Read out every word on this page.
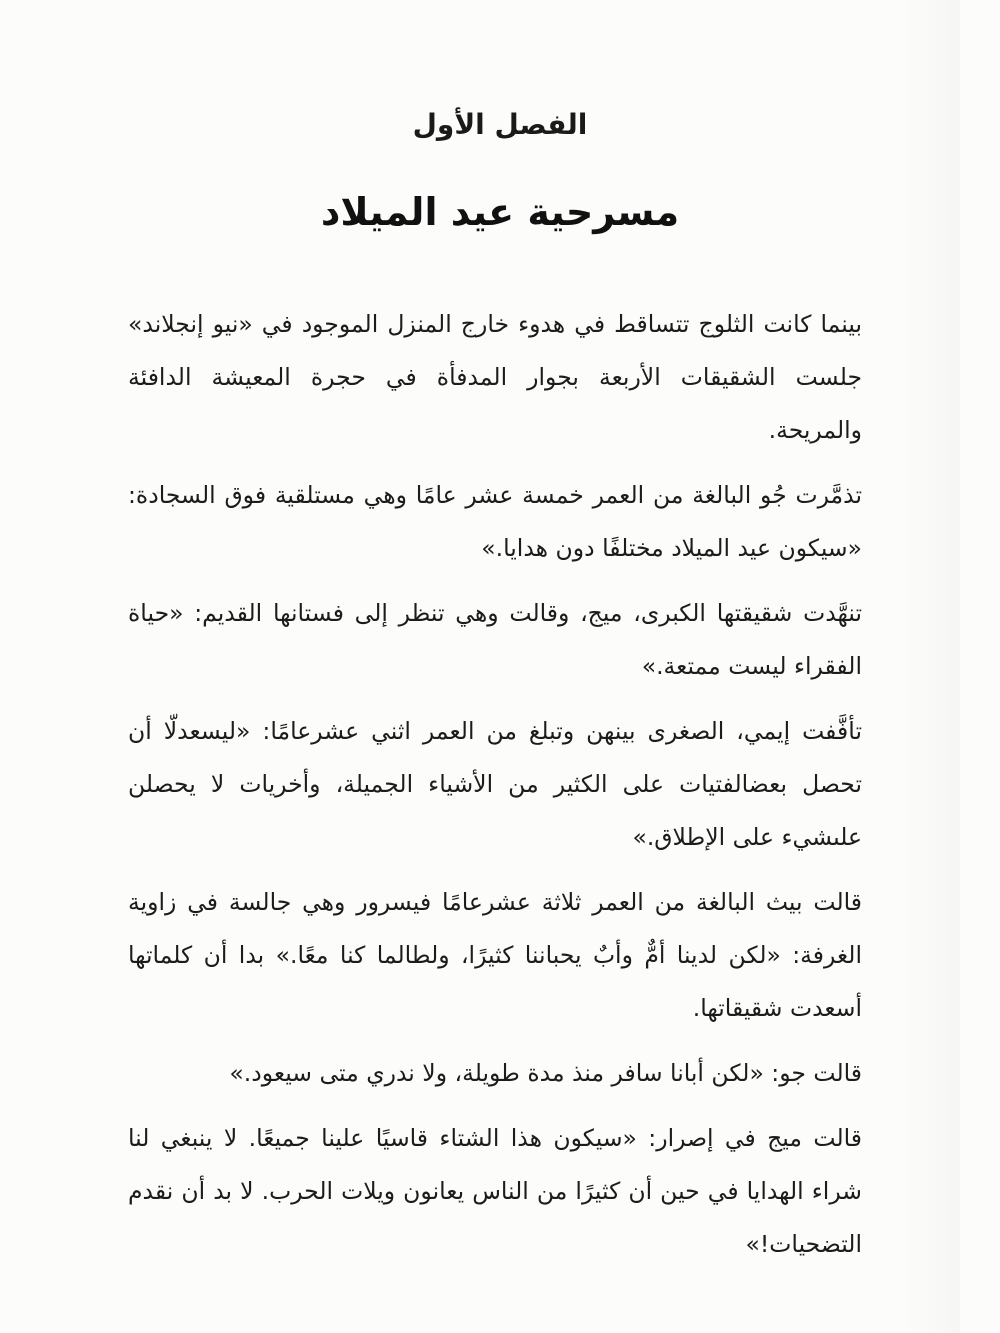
الفصل الأول
مسرحية عيد الميلاد

بينما كانت الثلوج تتساقط في هدوء خارج المنزل الموجود في «نيو إنجلاند» جلست الشقيقات الأربعة بجوار المدفأة في حجرة المعيشة الدافئة والمريحة.

تذمَّرت جُو البالغة من العمر خمسة عشر عامًا وهي مستلقية فوق السجادة: «سيكون عيد الميلاد مختلفًا دون هدايا.»

تنهَّدت شقيقتها الكبرى، ميج، وقالت وهي تنظر إلى فستانها القديم: «حياة الفقراء ليست ممتعة.»

تأفَّفت إيمي، الصغرى بينهن وتبلغ من العمر اثني عشرعامًا: «ليسعدلّا أن تحصل بعضالفتيات على الكثير من الأشياء الجميلة، وأخريات لا يحصلن علىشيء على الإطلاق.»

قالت بيث البالغة من العمر ثلاثة عشرعامًا فيسرور وهي جالسة في زاوية الغرفة: «لكن لدينا أمٌّ وأبٌ يحباننا كثيرًا، ولطالما كنا معًا.» بدا أن كلماتها أسعدت شقيقاتها.

قالت جو: «لكن أبانا سافر منذ مدة طويلة، ولا ندري متى سيعود.»

قالت ميج في إصرار: «سيكون هذا الشتاء قاسيًا علينا جميعًا. لا ينبغي لنا شراء الهدايا في حين أن كثيرًا من الناس يعانون ويلات الحرب. لا بد أن نقدم التضحيات!»
